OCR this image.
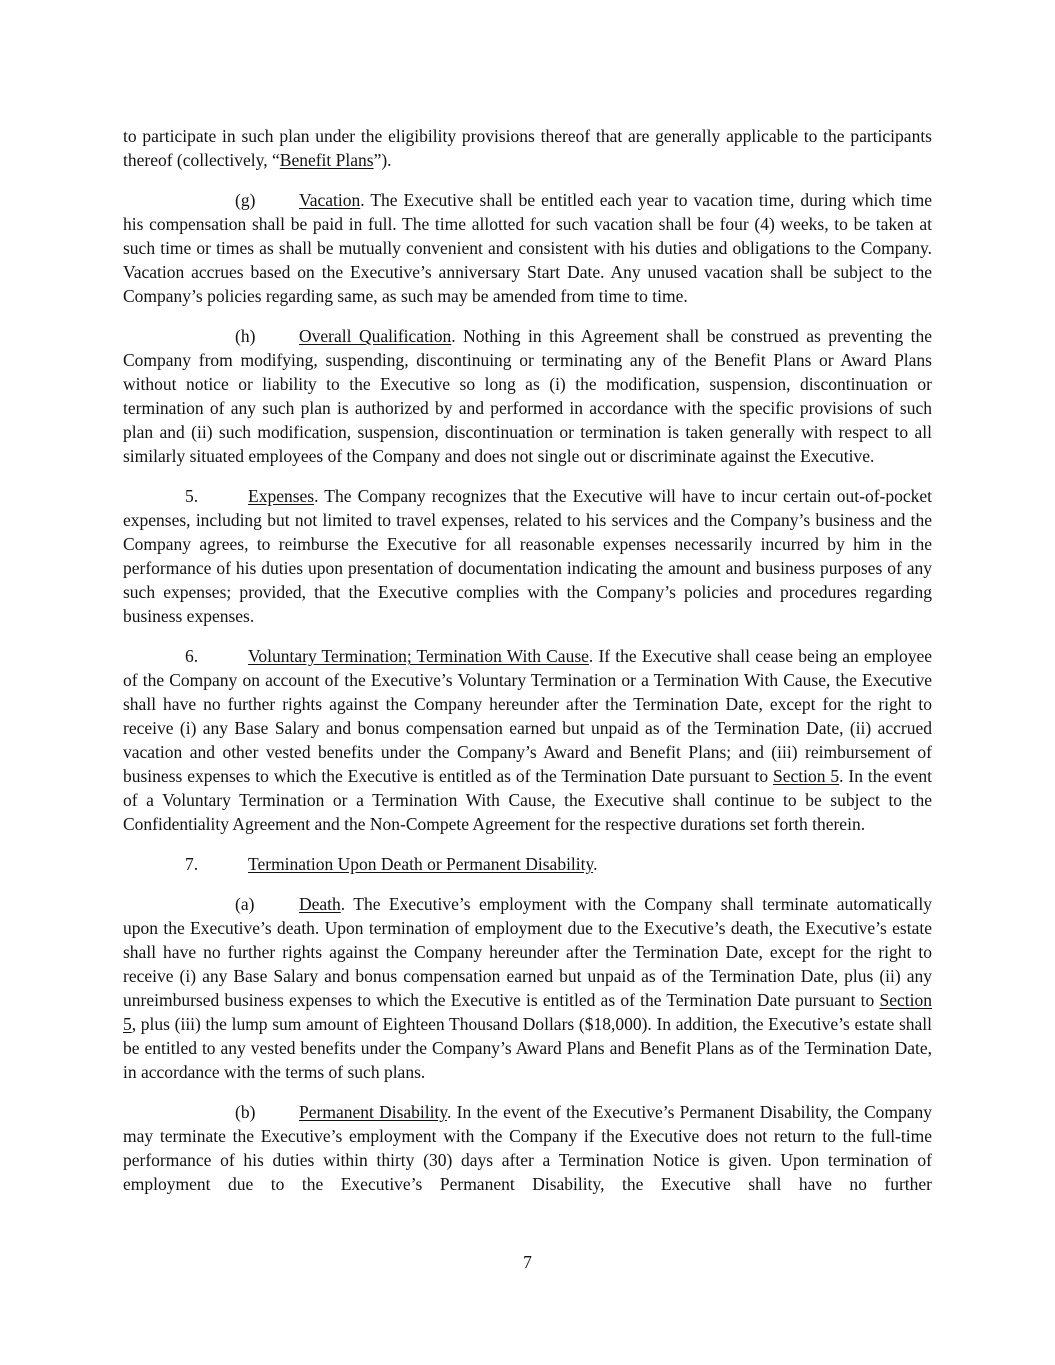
to participate in such plan under the eligibility provisions thereof that are generally applicable to the participants thereof (collectively, “Benefit Plans”).

(g) Vacation. The Executive shall be entitled each year to vacation time, during which time his compensation shall be paid in full. The time allotted for such vacation shall be four (4) weeks, to be taken at such time or times as shall be mutually convenient and consistent with his duties and obligations to the Company. Vacation accrues based on the Executive’s anniversary Start Date. Any unused vacation shall be subject to the Company’s policies regarding same, as such may be amended from time to time.

(h) Overall Qualification. Nothing in this Agreement shall be construed as preventing the Company from modifying, suspending, discontinuing or terminating any of the Benefit Plans or Award Plans without notice or liability to the Executive so long as (i) the modification, suspension, discontinuation or termination of any such plan is authorized by and performed in accordance with the specific provisions of such plan and (ii) such modification, suspension, discontinuation or termination is taken generally with respect to all similarly situated employees of the Company and does not single out or discriminate against the Executive.

5.	Expenses. The Company recognizes that the Executive will have to incur certain out-of-pocket expenses, including but not limited to travel expenses, related to his services and the Company’s business and the Company agrees, to reimburse the Executive for all reasonable expenses necessarily incurred by him in the performance of his duties upon presentation of documentation indicating the amount and business purposes of any such expenses; provided, that the Executive complies with the Company’s policies and procedures regarding business expenses.

6.	Voluntary Termination; Termination With Cause. If the Executive shall cease being an employee of the Company on account of the Executive’s Voluntary Termination or a Termination With Cause, the Executive shall have no further rights against the Company hereunder after the Termination Date, except for the right to receive (i) any Base Salary and bonus compensation earned but unpaid as of the Termination Date, (ii) accrued vacation and other vested benefits under the Company’s Award and Benefit Plans; and (iii) reimbursement of business expenses to which the Executive is entitled as of the Termination Date pursuant to Section 5. In the event of a Voluntary Termination or a Termination With Cause, the Executive shall continue to be subject to the Confidentiality Agreement and the Non-Compete Agreement for the respective durations set forth therein.

7.	Termination Upon Death or Permanent Disability.

(a)	Death. The Executive’s employment with the Company shall terminate automatically upon the Executive’s death. Upon termination of employment due to the Executive’s death, the Executive’s estate shall have no further rights against the Company hereunder after the Termination Date, except for the right to receive (i) any Base Salary and bonus compensation earned but unpaid as of the Termination Date, plus (ii) any unreimbursed business expenses to which the Executive is entitled as of the Termination Date pursuant to Section 5, plus (iii) the lump sum amount of Eighteen Thousand Dollars ($18,000). In addition, the Executive’s estate shall be entitled to any vested benefits under the Company’s Award Plans and Benefit Plans as of the Termination Date, in accordance with the terms of such plans.

(b) Permanent Disability. In the event of the Executive’s Permanent Disability, the Company may terminate the Executive’s employment with the Company if the Executive does not return to the full-time performance of his duties within thirty (30) days after a Termination Notice is given. Upon termination of employment due to the Executive’s Permanent Disability, the Executive shall have no further

7
